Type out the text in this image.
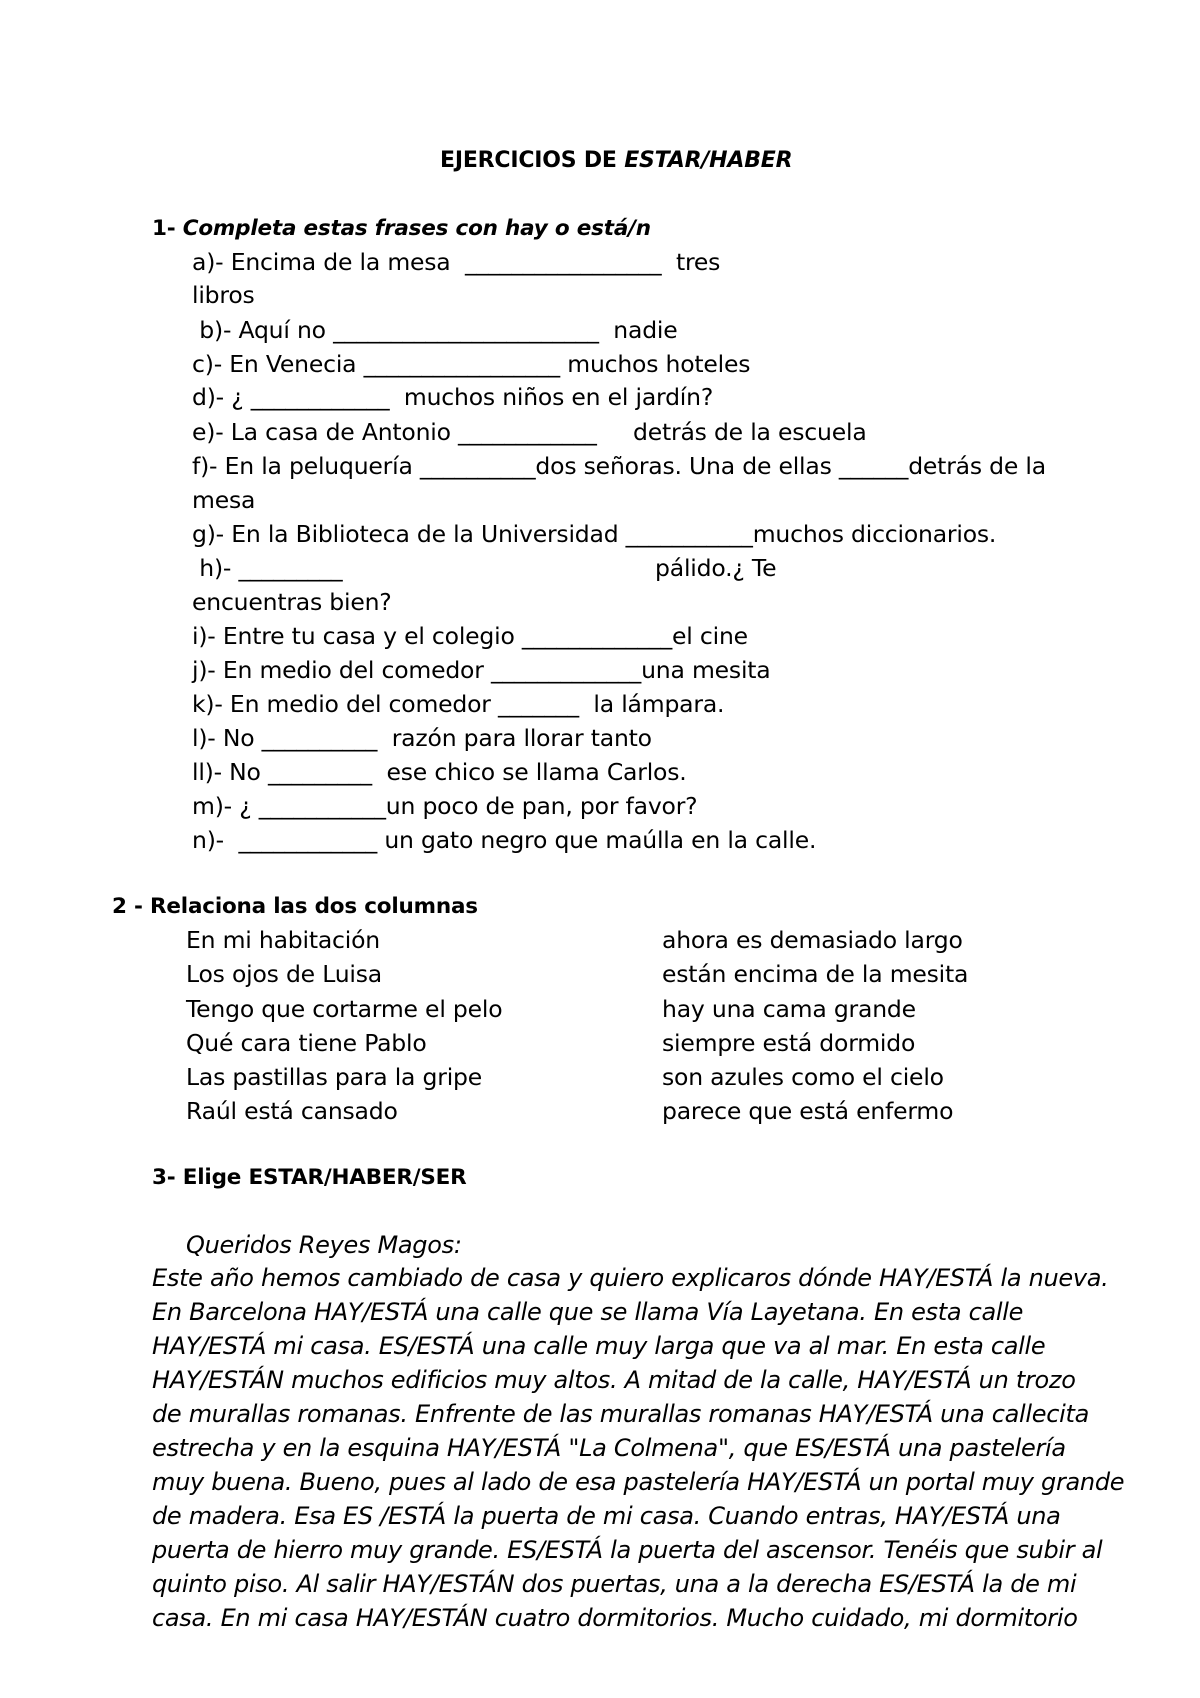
EJERCICIOS DE ESTAR/HABER
1- Completa estas frases con hay o está/n
a)- Encima de la mesa  _________________  tres
libros
b)- Aquí no _______________________  nadie
c)- En Venecia _________________ muchos hoteles
d)- ¿ ____________  muchos niños en el jardín?
e)- La casa de Antonio ____________     detrás de la escuela
f)- En la peluquería __________dos señoras. Una de ellas ______detrás de la
mesa
g)- En la Biblioteca de la Universidad ___________muchos diccionarios.
h)- _________                                           pálido.¿ Te
encuentras bien?
i)- Entre tu casa y el colegio _____________el cine
j)- En medio del comedor _____________una mesita
k)- En medio del comedor _______  la lámpara.
l)- No __________  razón para llorar tanto
ll)- No _________  ese chico se llama Carlos.
m)- ¿ ___________un poco de pan, por favor?
n)-  ____________ un gato negro que maúlla en la calle.
2 - Relaciona las dos columnas
En mi habitación
Los ojos de Luisa
Tengo que cortarme el pelo
Qué cara tiene Pablo
Las pastillas para la gripe
Raúl está cansado
ahora es demasiado largo
están encima de la mesita
hay una cama grande
siempre está dormido
son azules como el cielo
parece que está enfermo
3- Elige ESTAR/HABER/SER
Queridos Reyes Magos:
Este año hemos cambiado de casa y quiero explicaros dónde HAY/ESTÁ la nueva.
En Barcelona HAY/ESTÁ una calle que se llama Vía Layetana. En esta calle
HAY/ESTÁ mi casa. ES/ESTÁ una calle muy larga que va al mar. En esta calle
HAY/ESTÁN muchos edificios muy altos. A mitad de la calle, HAY/ESTÁ un trozo
de murallas romanas. Enfrente de las murallas romanas HAY/ESTÁ una callecita
estrecha y en la esquina HAY/ESTÁ "La Colmena", que ES/ESTÁ una pastelería
muy buena. Bueno, pues al lado de esa pastelería HAY/ESTÁ un portal muy grande
de madera. Esa ES /ESTÁ la puerta de mi casa. Cuando entras, HAY/ESTÁ una
puerta de hierro muy grande. ES/ESTÁ la puerta del ascensor. Tenéis que subir al
quinto piso. Al salir HAY/ESTÁN dos puertas, una a la derecha ES/ESTÁ la de mi
casa. En mi casa HAY/ESTÁN cuatro dormitorios. Mucho cuidado, mi dormitorio
